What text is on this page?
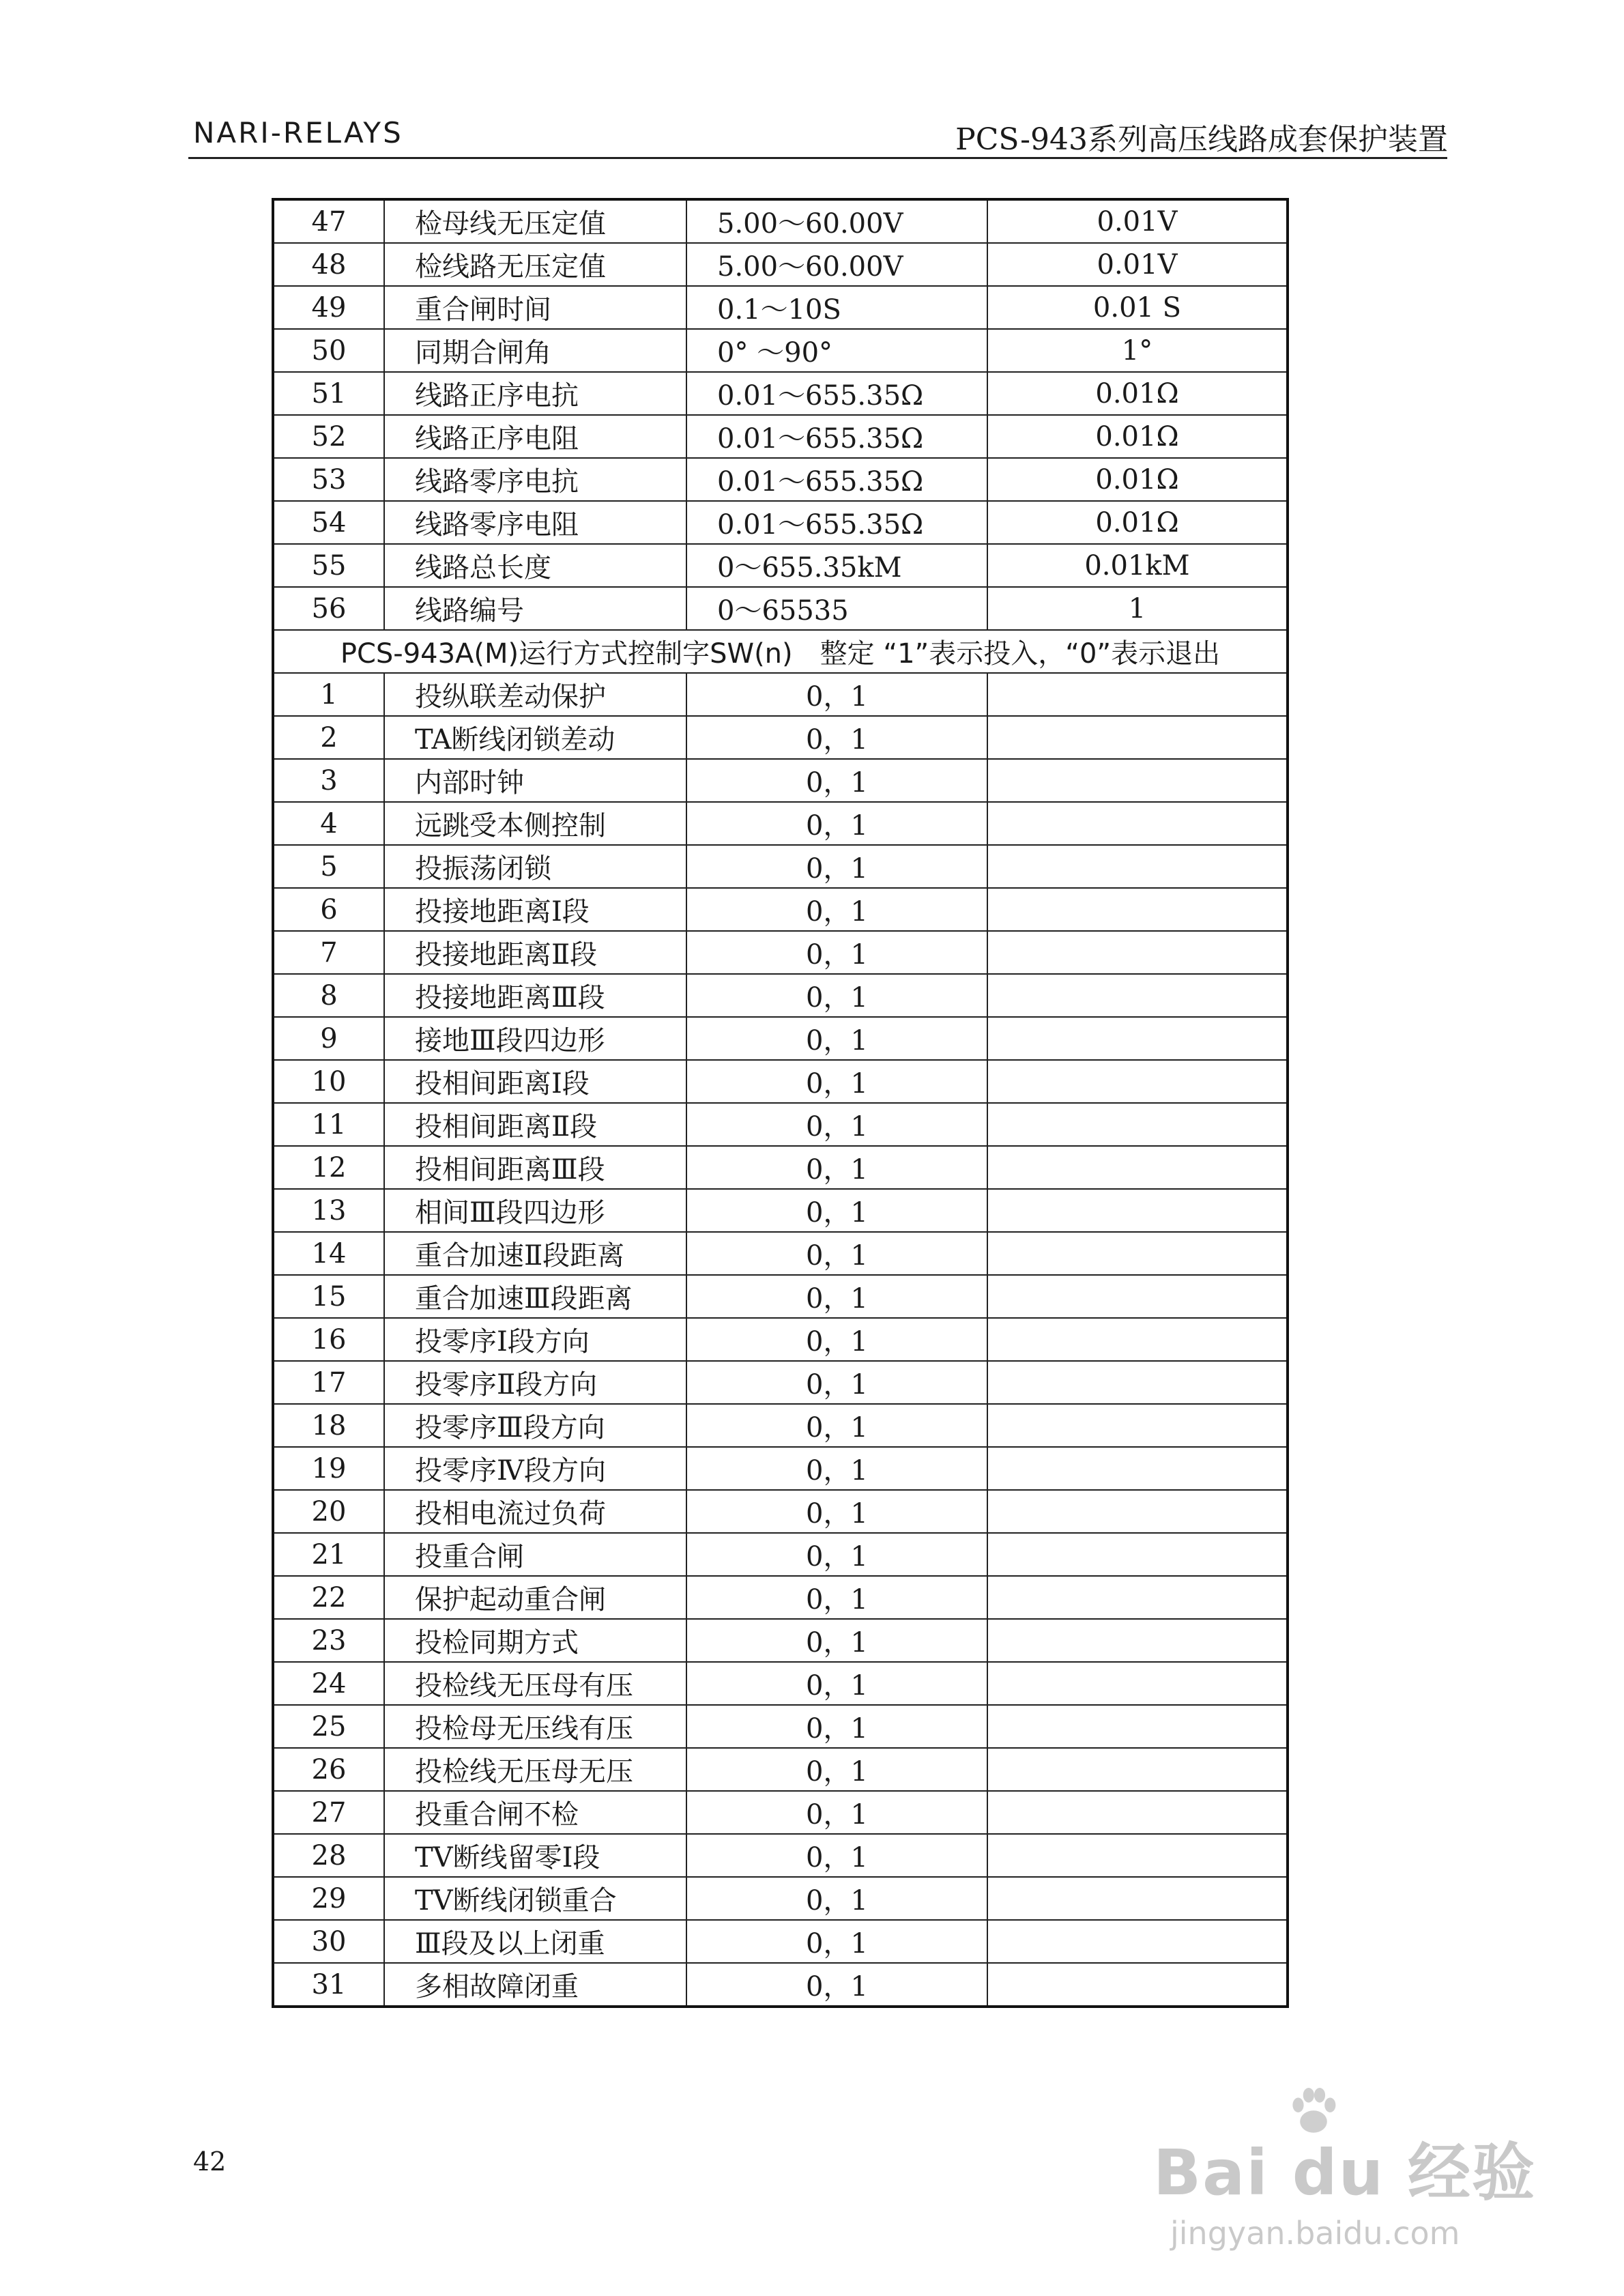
NARI-RELAYS	PCS-943系列高压线路成套保护装置
47	检母线无压定值	5.00～60.00V	0.01V
48	检线路无压定值	5.00～60.00V	0.01V
49	重合闸时间	0.1～10S	0.01 S
50	同期合闸角	0° ～90°	1°
51	线路正序电抗	0.01～655.35Ω	0.01Ω
52	线路正序电阻	0.01～655.35Ω	0.01Ω
53	线路零序电抗	0.01～655.35Ω	0.01Ω
54	线路零序电阻	0.01～655.35Ω	0.01Ω
55	线路总长度	0～655.35kM	0.01kM
56	线路编号	0～65535	1
PCS-943A(M)运行方式控制字SW(n)　整定 “1”表示投入，“0”表示退出			
1	投纵联差动保护	0，1	
2	TA断线闭锁差动	0，1	
3	内部时钟	0，1	
4	远跳受本侧控制	0，1	
5	投振荡闭锁	0，1	
6	投接地距离Ⅰ段	0，1	
7	投接地距离Ⅱ段	0，1	
8	投接地距离Ⅲ段	0，1	
9	接地Ⅲ段四边形	0，1	
10	投相间距离Ⅰ段	0，1	
11	投相间距离Ⅱ段	0，1	
12	投相间距离Ⅲ段	0，1	
13	相间Ⅲ段四边形	0，1	
14	重合加速Ⅱ段距离	0，1	
15	重合加速Ⅲ段距离	0，1	
16	投零序Ⅰ段方向	0，1	
17	投零序Ⅱ段方向	0，1	
18	投零序Ⅲ段方向	0，1	
19	投零序Ⅳ段方向	0，1	
20	投相电流过负荷	0，1	
21	投重合闸	0，1	
22	保护起动重合闸	0，1	
23	投检同期方式	0，1	
24	投检线无压母有压	0，1	
25	投检母无压线有压	0，1	
26	投检线无压母无压	0，1	
27	投重合闸不检	0，1	
28	TV断线留零Ⅰ段	0，1	
29	TV断线闭锁重合	0，1	
30	Ⅲ段及以上闭重	0，1	
31	多相故障闭重	0，1	
42	Bai du 经验
jingyan.baidu.com
